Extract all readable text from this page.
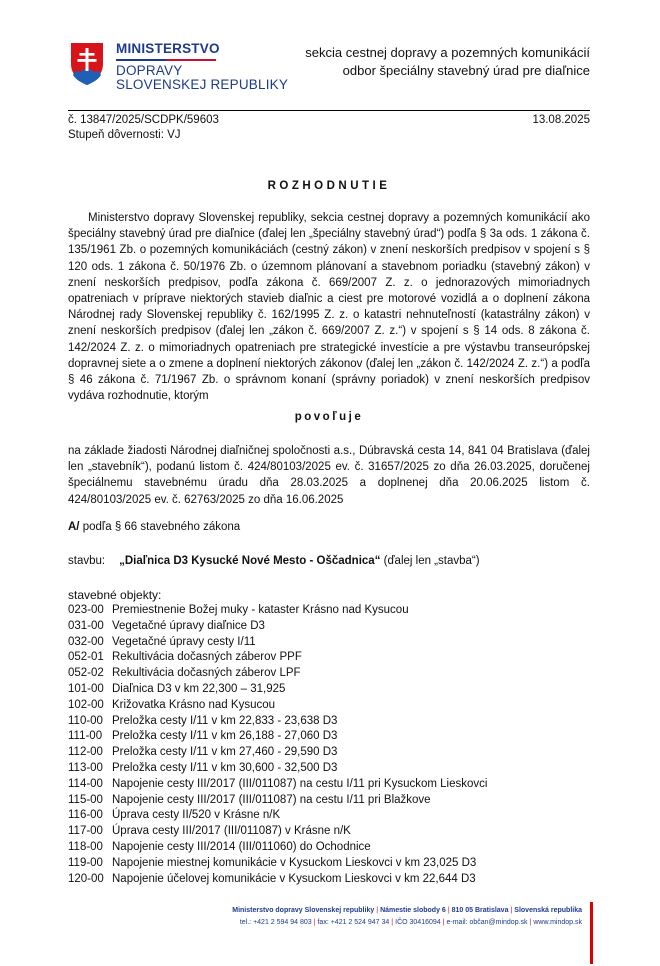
MINISTERSTVO
DOPRAVY
SLOVENSKEJ REPUBLIKY
sekcia cestnej dopravy a pozemných komunikácií
odbor špeciálny stavebný úrad pre diaľnice
č. 13847/2025/SCDPK/59603	13.08.2025
Stupeň dôvernosti: VJ
ROZHODNUTIE
Ministerstvo dopravy Slovenskej republiky, sekcia cestnej dopravy a pozemných komunikácií ako špeciálny stavebný úrad pre diaľnice (ďalej len „špeciálny stavebný úrad“) podľa § 3a ods. 1 zákona č. 135/1961 Zb. o pozemných komunikáciách (cestný zákon) v znení neskorších predpisov v spojení s § 120 ods. 1 zákona č. 50/1976 Zb. o územnom plánovaní a stavebnom poriadku (stavebný zákon) v znení neskorších predpisov, podľa zákona č. 669/2007 Z. z. o jednorazových mimoriadnych opatreniach v príprave niektorých stavieb diaľnic a ciest pre motorové vozidlá a o doplnení zákona Národnej rady Slovenskej republiky č. 162/1995 Z. z. o katastri nehnuteľností (katastrálny zákon) v znení neskorších predpisov (ďalej len „zákon č. 669/2007 Z. z.“) v spojení s § 14 ods. 8 zákona č. 142/2024 Z. z. o mimoriadnych opatreniach pre strategické investície a pre výstavbu transeurópskej dopravnej siete a o zmene a doplnení niektorých zákonov (ďalej len „zákon č. 142/2024 Z. z.“) a podľa § 46 zákona č. 71/1967 Zb. o správnom konaní (správny poriadok) v znení neskorších predpisov vydáva rozhodnutie, ktorým
povoľuje
na základe žiadosti Národnej diaľničnej spoločnosti a.s., Dúbravská cesta 14, 841 04 Bratislava (ďalej len „stavebník“), podanú listom č. 424/80103/2025 ev. č. 31657/2025 zo dňa 26.03.2025, doručenej špeciálnemu stavebnému úradu dňa 28.03.2025 a doplnenej dňa 20.06.2025 listom č. 424/80103/2025 ev. č. 62763/2025 zo dňa 16.06.2025
A/ podľa § 66 stavebného zákona
stavbu: „Diaľnica D3 Kysucké Nové Mesto - Oščadnica“ (ďalej len „stavba“)
stavebné objekty:
023-00 Premiestnenie Božej muky - kataster Krásno nad Kysucou
031-00 Vegetačné úpravy diaľnice D3
032-00 Vegetačné úpravy cesty I/11
052-01 Rekultivácia dočasných záberov PPF
052-02 Rekultivácia dočasných záberov LPF
101-00 Diaľnica D3 v km 22,300 – 31,925
102-00 Križovatka Krásno nad Kysucou
110-00 Preložka cesty I/11 v km 22,833 - 23,638 D3
111-00 Preložka cesty I/11 v km 26,188 - 27,060 D3
112-00 Preložka cesty I/11 v km 27,460 - 29,590 D3
113-00 Preložka cesty I/11 v km 30,600 - 32,500 D3
114-00 Napojenie cesty III/2017 (III/011087) na cestu I/11 pri Kysuckom Lieskovci
115-00 Napojenie cesty III/2017 (III/011087) na cestu I/11 pri Blažkove
116-00 Úprava cesty II/520 v Krásne n/K
117-00 Úprava cesty III/2017 (III/011087) v Krásne n/K
118-00 Napojenie cesty III/2014 (III/011060) do Ochodnice
119-00 Napojenie miestnej komunikácie v Kysuckom Lieskovci v km 23,025 D3
120-00 Napojenie účelovej komunikácie v Kysuckom Lieskovci v km 22,644 D3
Ministerstvo dopravy Slovenskej republiky | Námestie slobody 6 | 810 05 Bratislava | Slovenská republika
tel.: +421 2 594 94 803 | fax: +421 2 524 947 34 | IČO 30416094 | e-mail: občan@mindop.sk | www.mindop.sk
